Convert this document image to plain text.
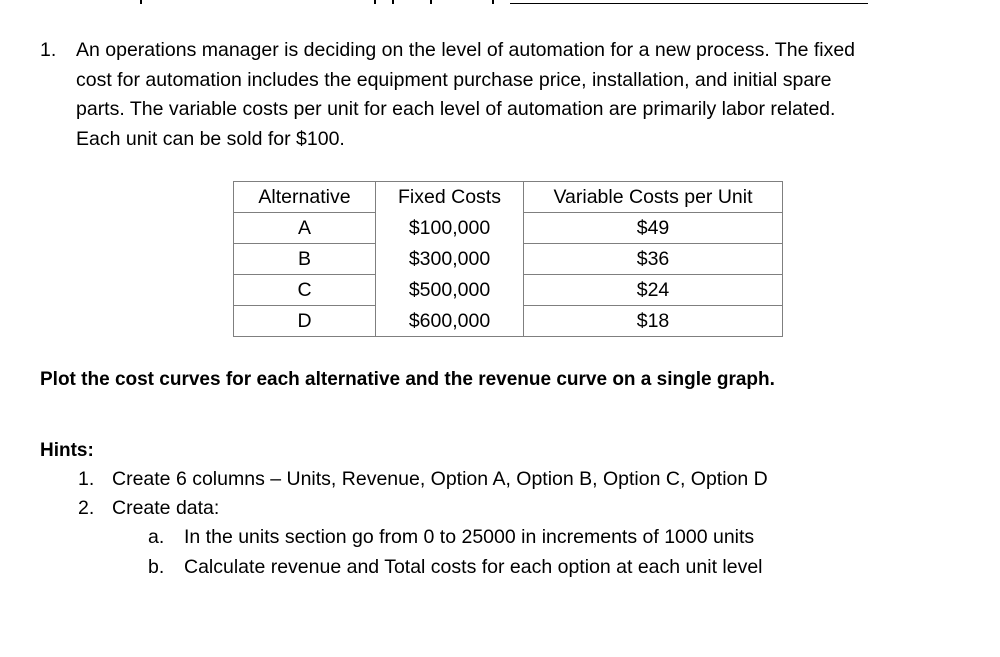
1. An operations manager is deciding on the level of automation for a new process. The fixed
cost for automation includes the equipment purchase price, installation, and initial spare
parts. The variable costs per unit for each level of automation are primarily labor related.
Each unit can be sold for $100.
Alternative	Fixed Costs	Variable Costs per Unit
A	$100,000	$49
B	$300,000	$36
C	$500,000	$24
D	$600,000	$18
Plot the cost curves for each alternative and the revenue curve on a single graph.
Hints:
1. Create 6 columns – Units, Revenue, Option A, Option B, Option C, Option D
2. Create data:
a. In the units section go from 0 to 25000 in increments of 1000 units
b. Calculate revenue and Total costs for each option at each unit level
